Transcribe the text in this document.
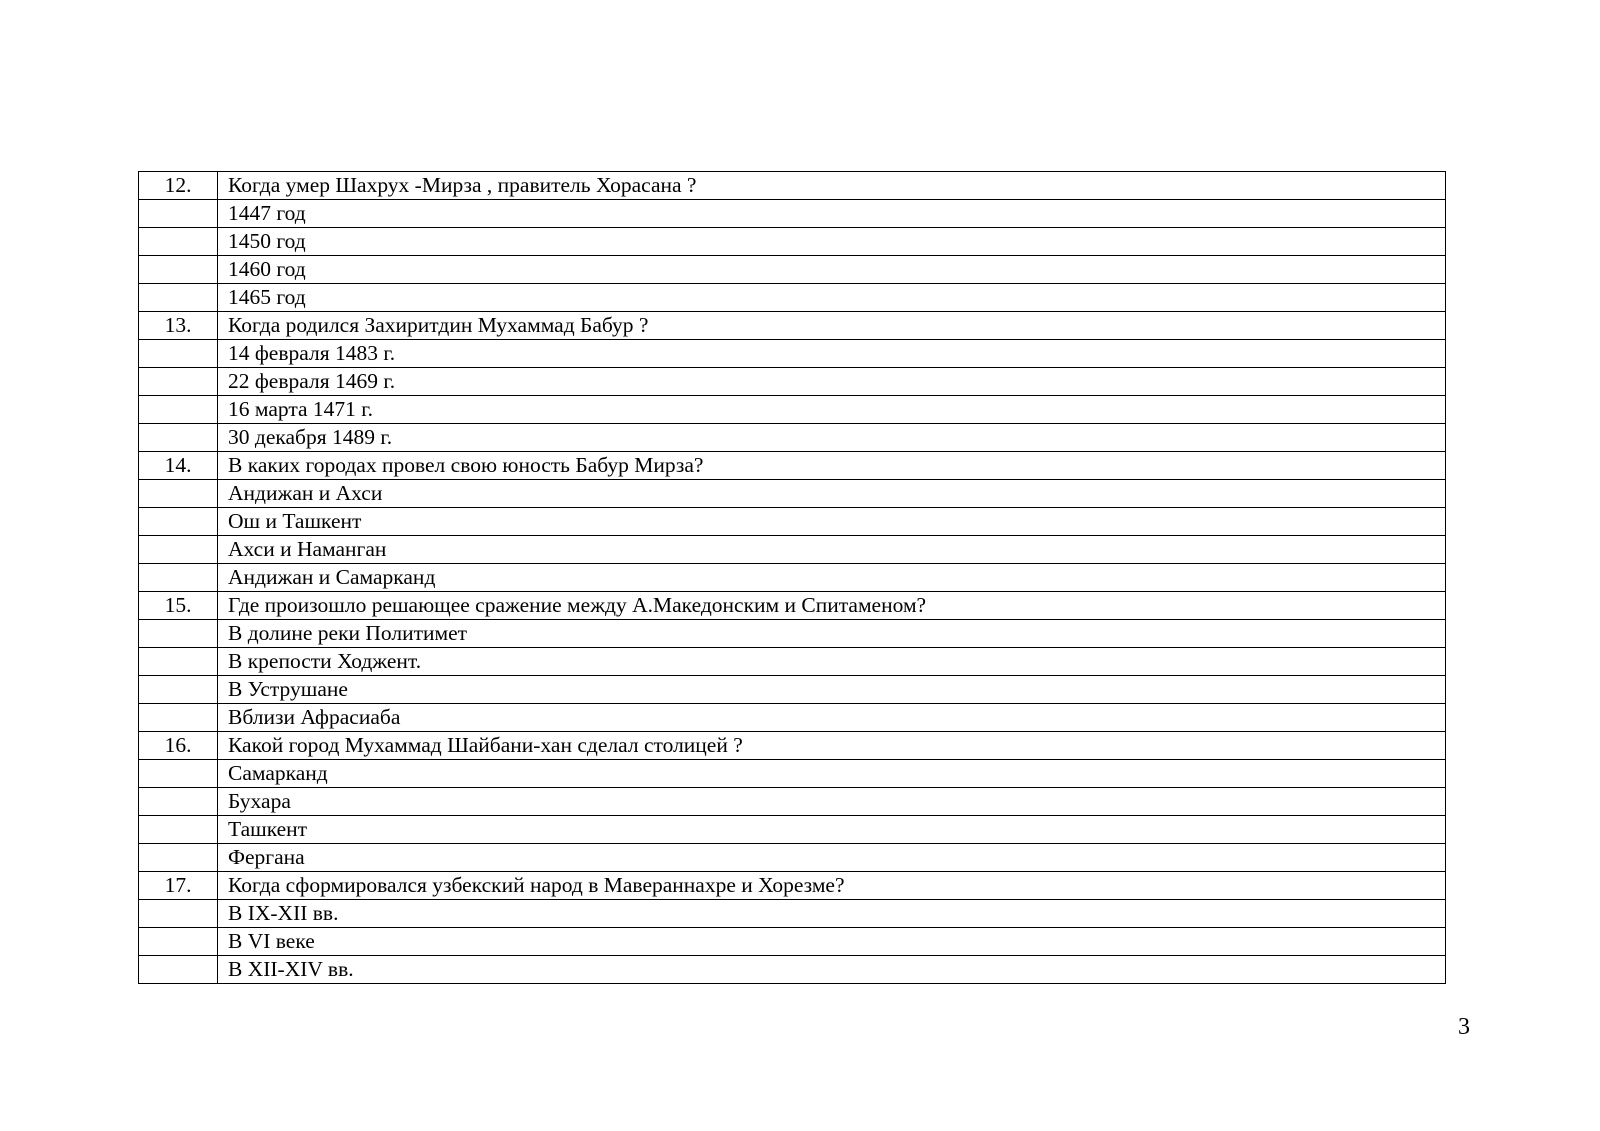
12.	Когда умер Шахрух -Мирза , правитель Хорасана ?
	1447 год
	1450 год
	1460 год
	1465 год
13.	Когда родился Захиритдин Мухаммад Бабур ?
	14 февраля 1483 г.
	22 февраля 1469 г.
	16 марта 1471 г.
	30 декабря 1489 г.
14.	В каких городах провел свою юность Бабур Мирза?
	Андижан и Ахси
	Ош и Ташкент
	Ахси и Наманган
	Андижан и Самарканд
15.	Где произошло решающее сражение между А.Македонским и Спитаменом?
	В долине реки Политимет
	В крепости Ходжент.
	В Уструшане
	Вблизи Афрасиаба
16.	Какой город Мухаммад Шайбани-хан сделал столицей ?
	Самарканд
	Бухара
	Ташкент
	Фергана
17.	Когда сформировался узбекский народ в Мавераннахре и Хорезме?
	В IX-XII вв.
	В VI веке
	В XII-XIV вв.
3
